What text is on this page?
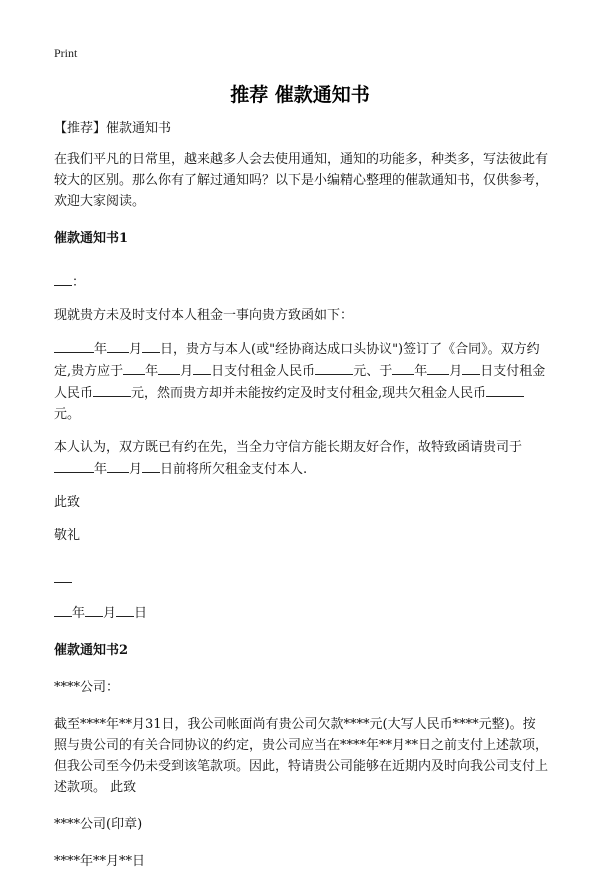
Print
推荐 催款通知书

【推荐】催款通知书

在我们平凡的日常里，越来越多人会去使用通知，通知的功能多，种类多，写法彼此有较大的区别。那么你有了解过通知吗？以下是小编精心整理的催款通知书，仅供参考，欢迎大家阅读。

催款通知书1

：

现就贵方未及时支付本人租金一事向贵方致函如下：

年 月 日，贵方与本人(或"经协商达成口头协议")签订了《合同》。双方约定,贵方应于 年 月 日支付租金人民币	元、于 年 月 日支付租金人民币	元，然而贵方却并未能按约定及时支付租金,现共欠租金人民币元。

本人认为，双方既已有约在先，当全力守信方能长期友好合作，故特致函请贵司于年 月 日前将所欠租金支付本人.

此致

敬礼

年 月 日

催款通知书2

****公司：

截至****年**月31日，我公司帐面尚有贵公司欠款****元(大写人民币****元整)。按照与贵公司的有关合同协议的约定，贵公司应当在****年**月**日之前支付上述款项，但我公司至今仍未受到该笔款项。因此，特请贵公司能够在近期内及时向我公司支付上述款项。 此致

****公司(印章)

****年**月**日
